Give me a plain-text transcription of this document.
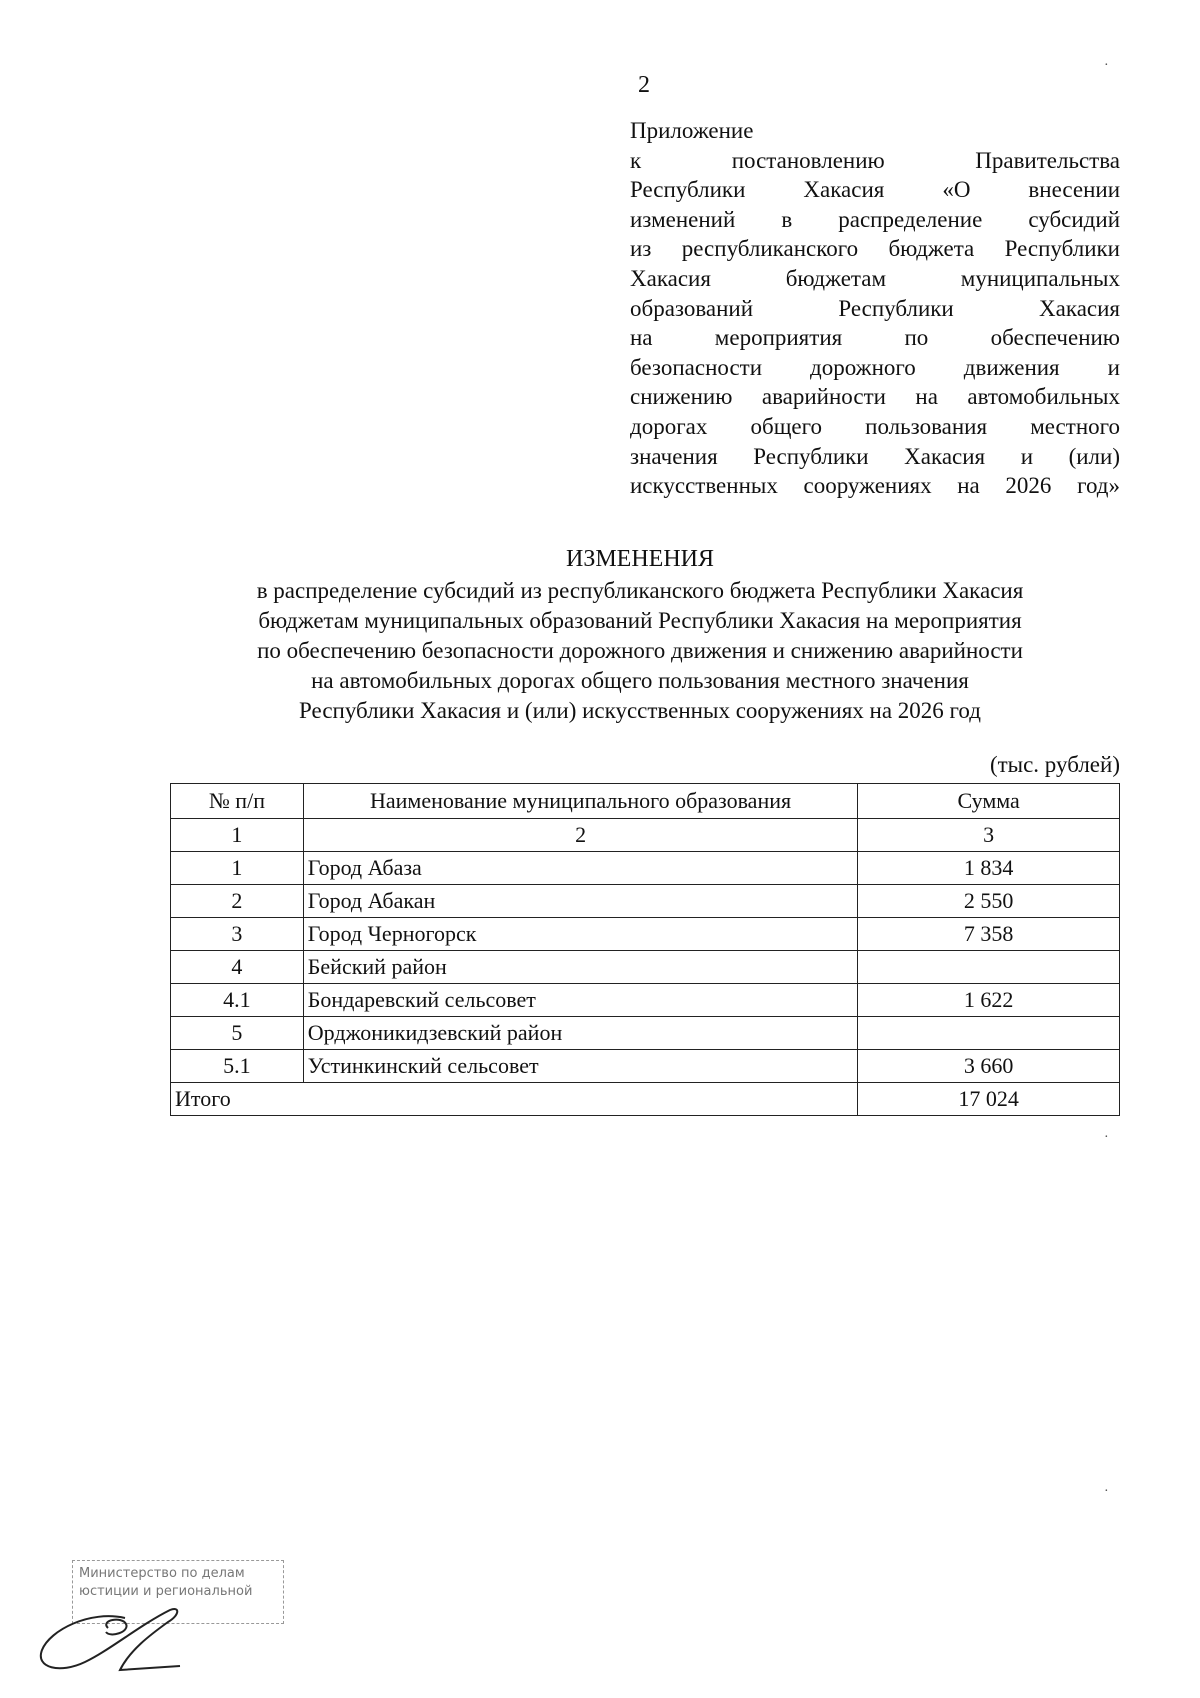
2
Приложение
к постановлению Правительства
Республики Хакасия «О внесении
изменений в распределение субсидий
из республиканского бюджета Республики
Хакасия бюджетам муниципальных
образований Республики Хакасия
на мероприятия по обеспечению
безопасности дорожного движения и
снижению аварийности на автомобильных
дорогах общего пользования местного
значения Республики Хакасия и (или)
искусственных сооружениях на 2026 год»
ИЗМЕНЕНИЯ
в распределение субсидий из республиканского бюджета Республики Хакасия
бюджетам муниципальных образований Республики Хакасия на мероприятия
по обеспечению безопасности дорожного движения и снижению аварийности
на автомобильных дорогах общего пользования местного значения
Республики Хакасия и (или) искусственных сооружениях на 2026 год
(тыс. рублей)
№ п/п	Наименование муниципального образования	Сумма
1	2	3
1	Город Абаза	1 834
2	Город Абакан	2 550
3	Город Черногорск	7 358
4	Бейский район	
4.1	Бондаревский сельсовет	1 622
5	Орджоникидзевский район	
5.1	Устинкинский сельсовет	3 660
Итого		17 024
Министерство по делам
юстиции и региональной
·
·
·
